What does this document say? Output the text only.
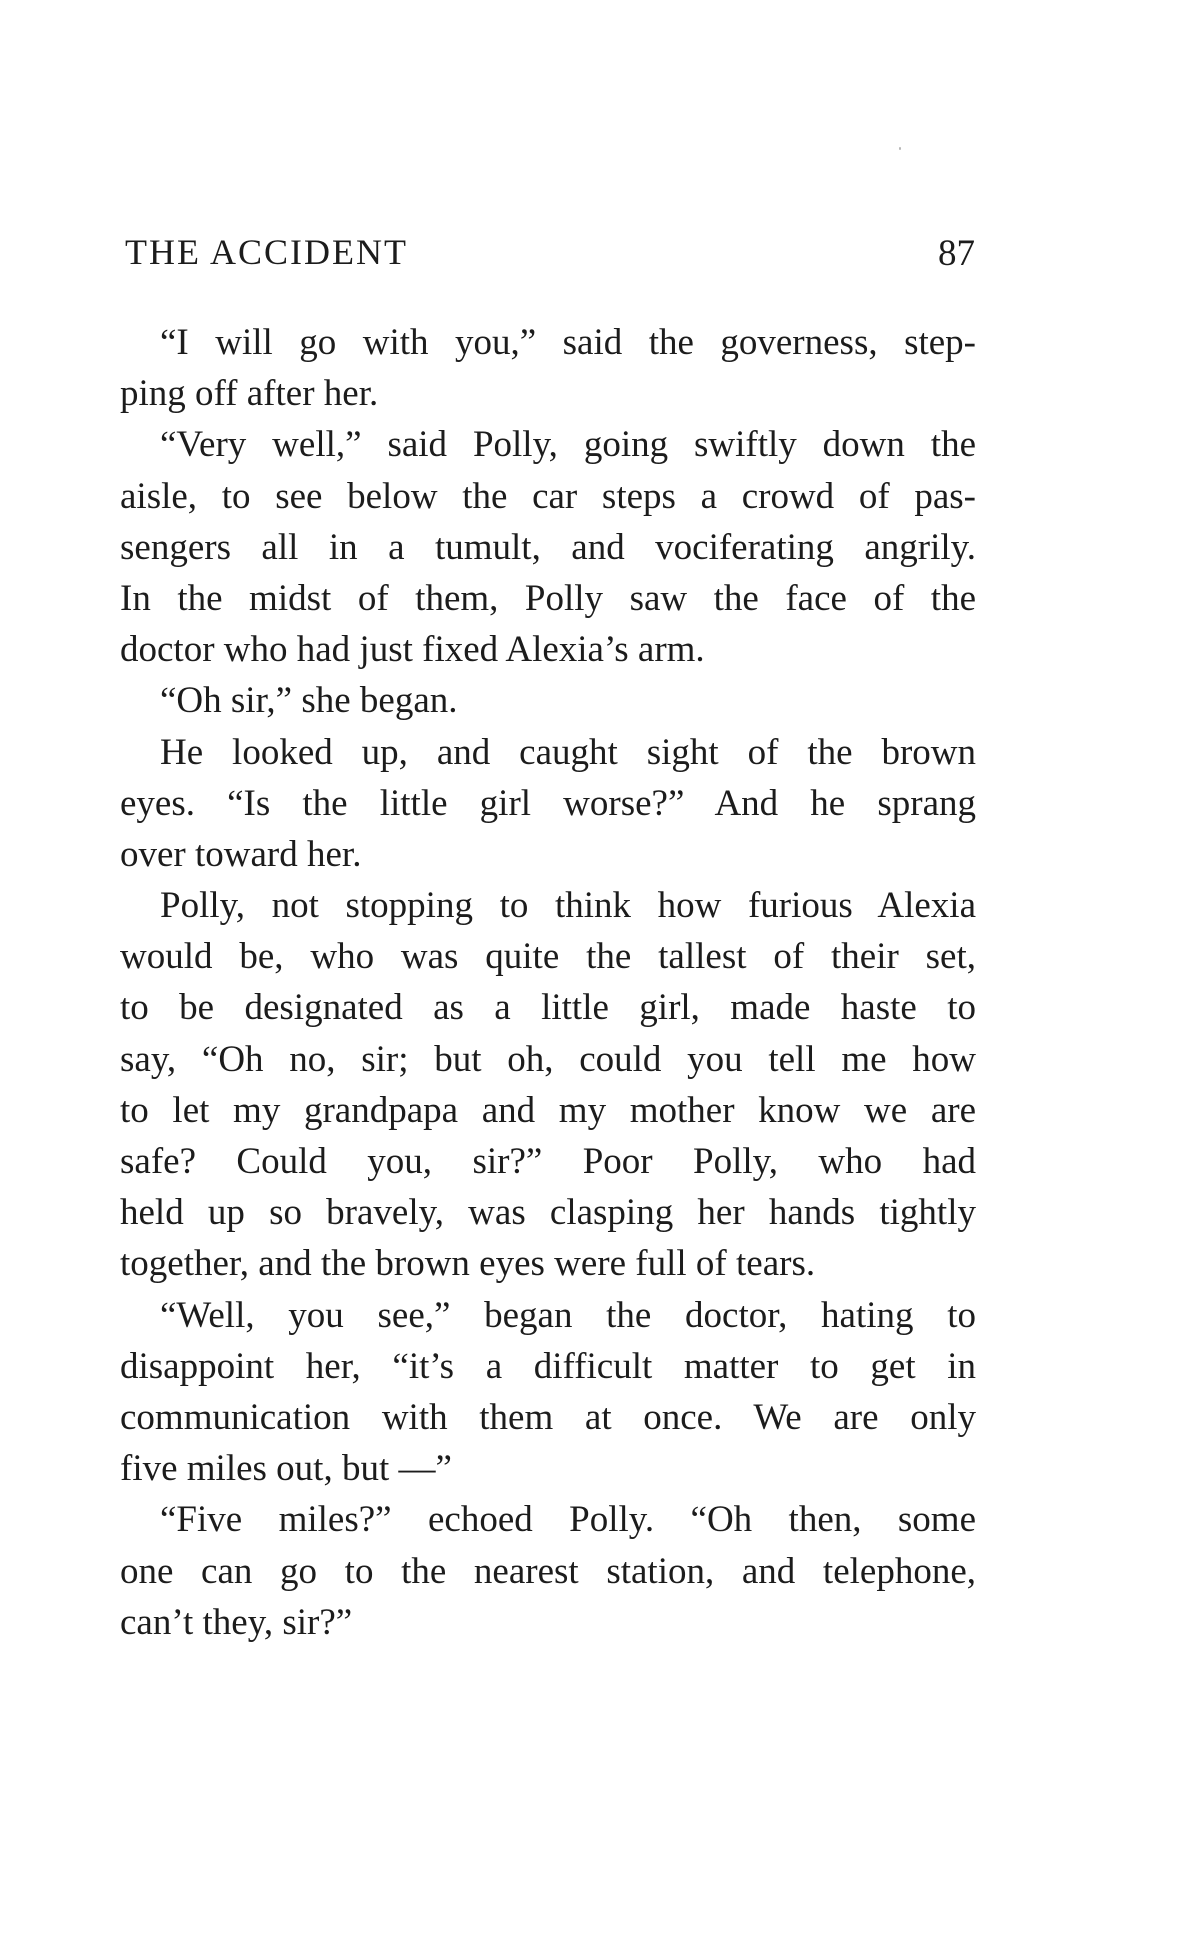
THE ACCIDENT	87

“I will go with you,” said the governess, step-
ping off after her.

“Very well,” said Polly, going swiftly down the
aisle, to see below the car steps a crowd of pas-
sengers all in a tumult, and vociferating angrily.
In the midst of them, Polly saw the face of the
doctor who had just fixed Alexia’s arm.

“Oh sir,” she began.

He looked up, and caught sight of the brown
eyes. “Is the little girl worse?” And he sprang
over toward her.

Polly, not stopping to think how furious Alexia
would be, who was quite the tallest of their set,
to be designated as a little girl, made haste to
say, “Oh no, sir; but oh, could you tell me how
to let my grandpapa and my mother know we are
safe? Could you, sir?” Poor Polly, who had
held up so bravely, was clasping her hands tightly
together, and the brown eyes were full of tears.

“Well, you see,” began the doctor, hating to
disappoint her, “it’s a difficult matter to get in
communication with them at once. We are only
five miles out, but —”

“Five miles?” echoed Polly. “Oh then, some
one can go to the nearest station, and telephone,
can’t they, sir?”
